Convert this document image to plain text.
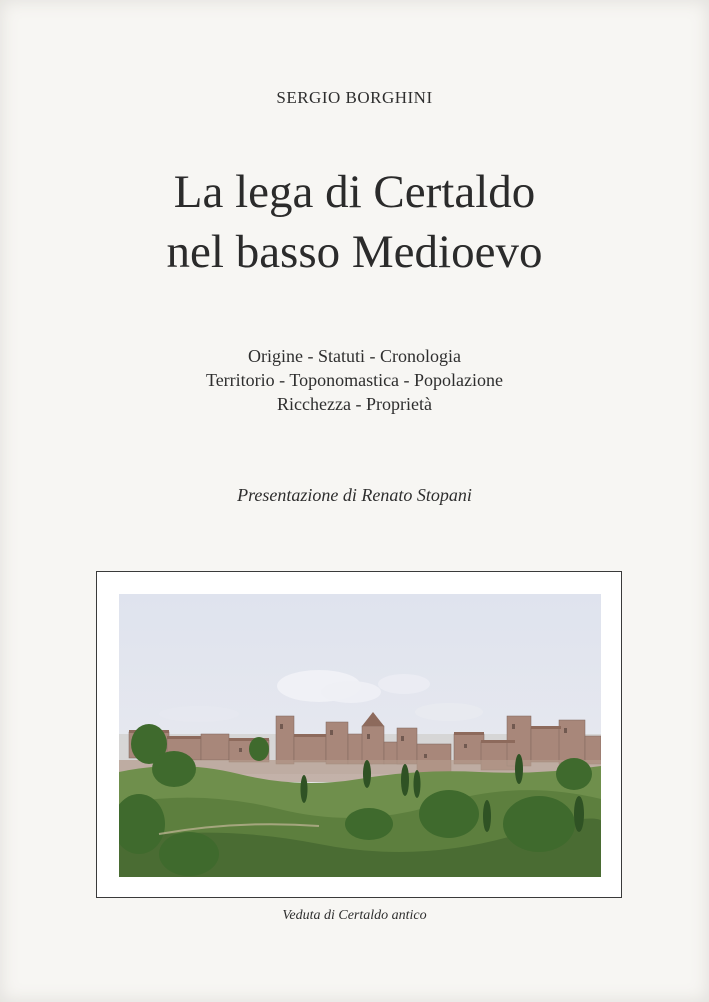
SERGIO BORGHINI
La lega di Certaldo
nel basso Medioevo
Origine - Statuti - Cronologia
Territorio - Toponomastica - Popolazione
Ricchezza - Proprietà
Presentazione di Renato Stopani
Veduta di Certaldo antico
